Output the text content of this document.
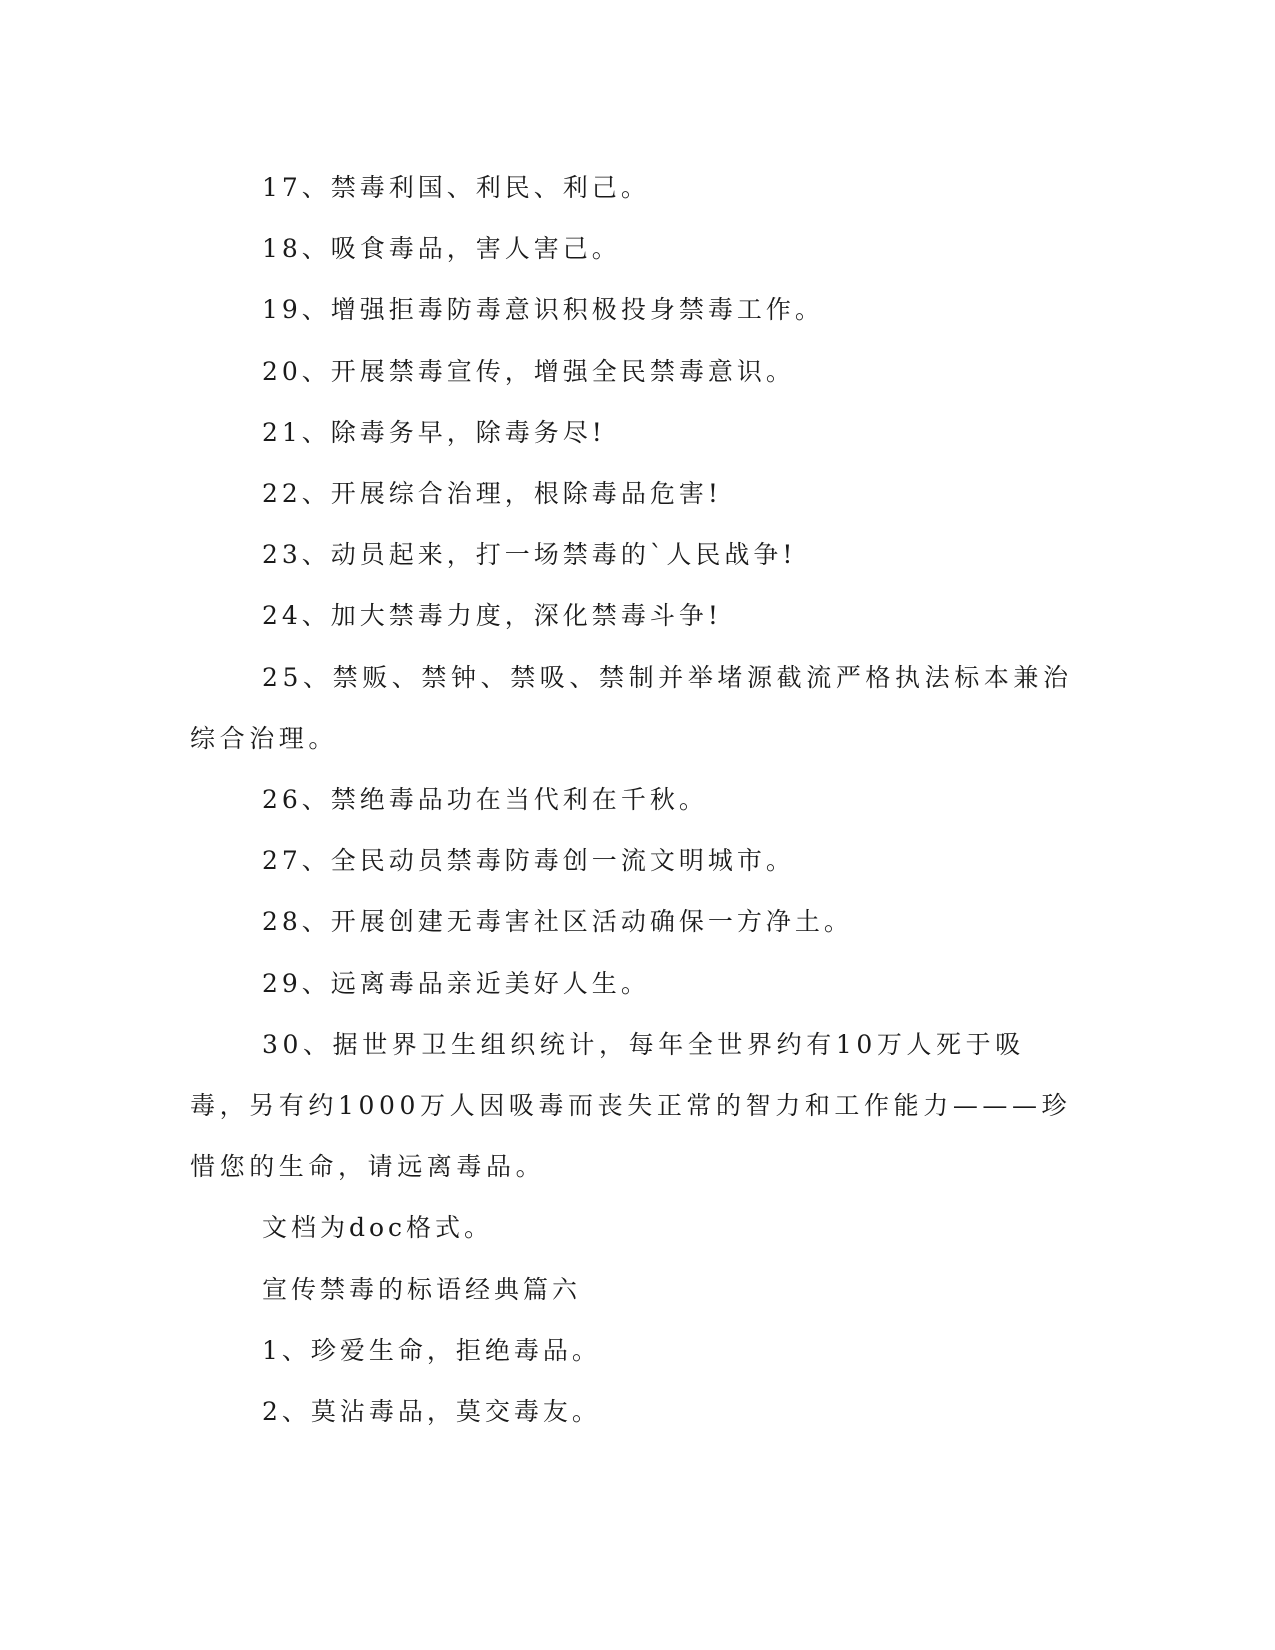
17、禁毒利国、利民、利己。

18、吸食毒品，害人害己。

19、增强拒毒防毒意识积极投身禁毒工作。

20、开展禁毒宣传，增强全民禁毒意识。

21、除毒务早，除毒务尽!

22、开展综合治理，根除毒品危害!

23、动员起来，打一场禁毒的`人民战争!

24、加大禁毒力度，深化禁毒斗争!

25、禁贩、禁钟、禁吸、禁制并举堵源截流严格执法标本兼治综合治理。

26、禁绝毒品功在当代利在千秋。

27、全民动员禁毒防毒创一流文明城市。

28、开展创建无毒害社区活动确保一方净土。

29、远离毒品亲近美好人生。

30、据世界卫生组织统计，每年全世界约有10万人死于吸毒，另有约1000万人因吸毒而丧失正常的智力和工作能力———珍惜您的生命，请远离毒品。

文档为doc格式。

宣传禁毒的标语经典篇六

1、珍爱生命，拒绝毒品。

2、莫沾毒品，莫交毒友。
